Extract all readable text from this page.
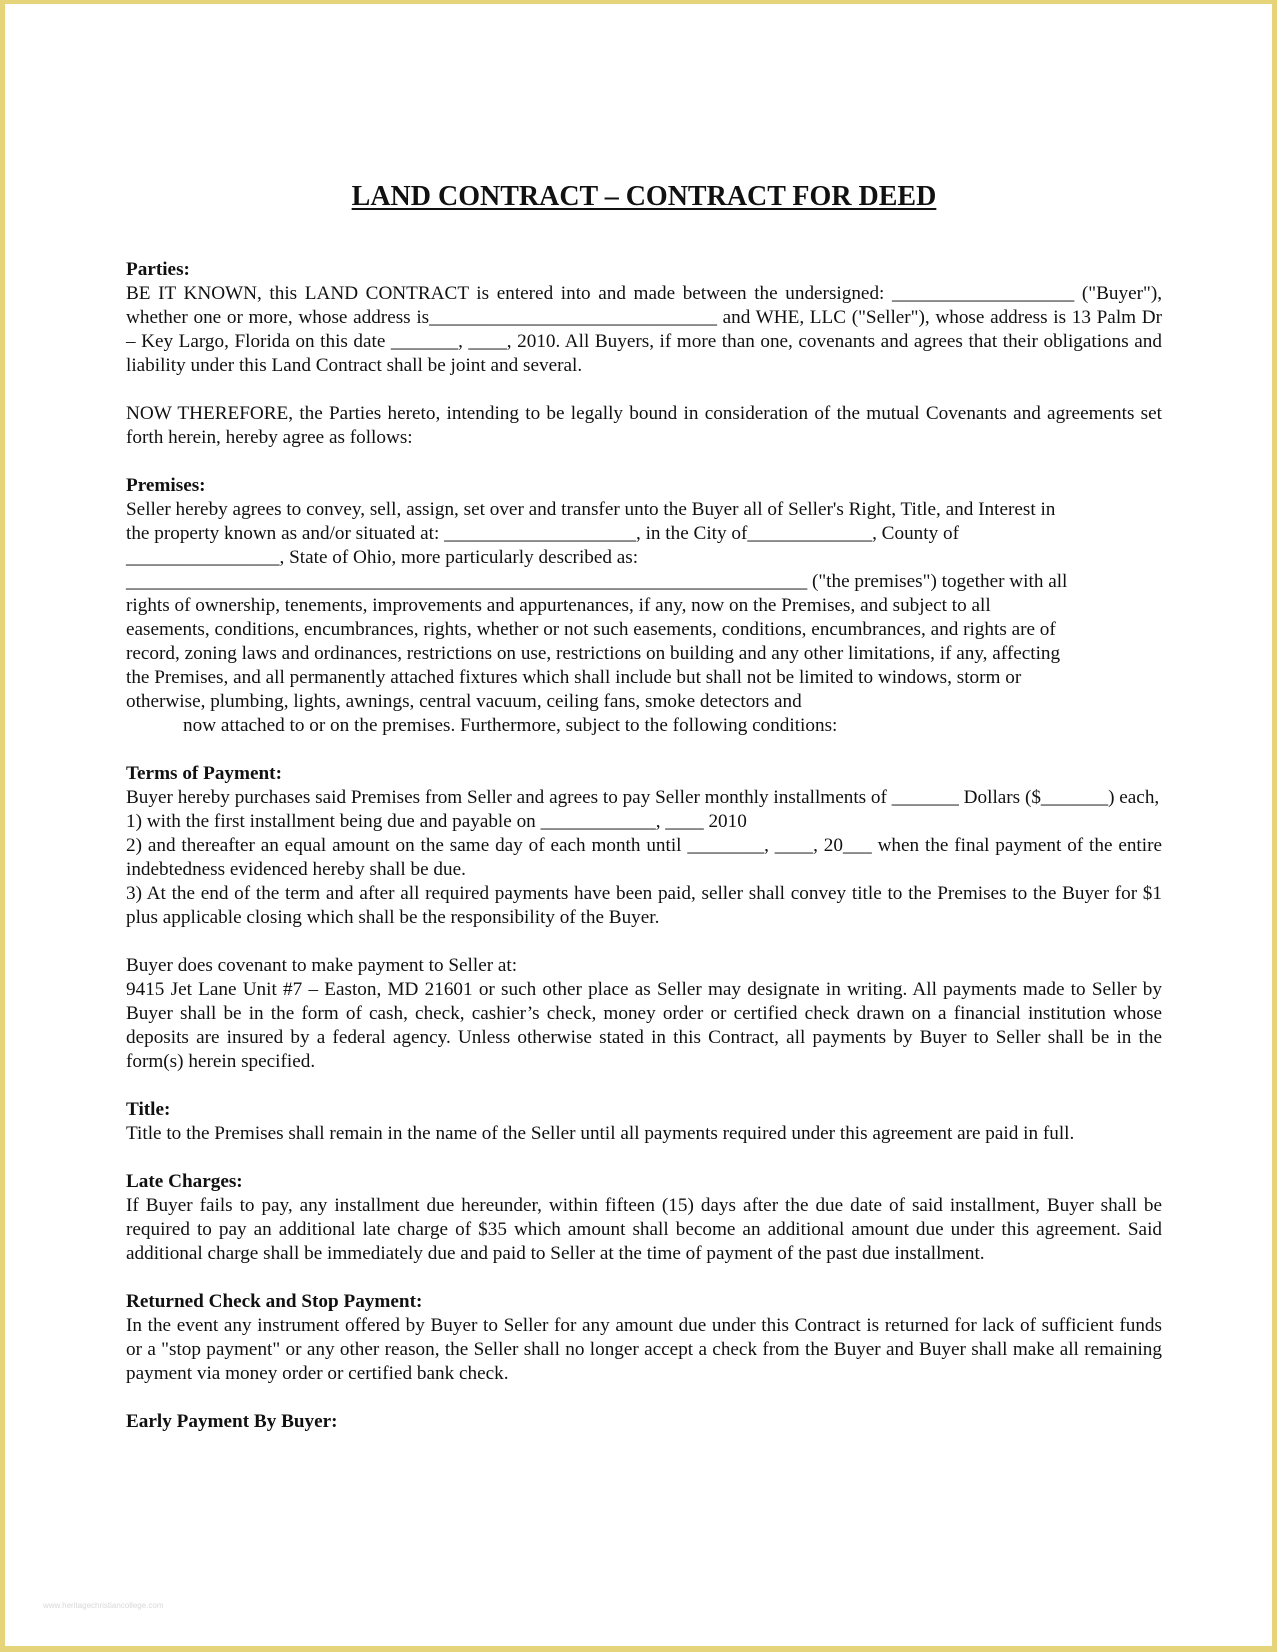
LAND CONTRACT – CONTRACT FOR DEED

Parties:

BE IT KNOWN, this LAND CONTRACT is entered into and made between the undersigned: ___________________ ("Buyer"), whether one or more, whose address is______________________________ and WHE, LLC ("Seller"), whose address is 13 Palm Dr – Key Largo, Florida on this date _______, ____, 2010. All Buyers, if more than one, covenants and agrees that their obligations and liability under this Land Contract shall be joint and several.

NOW THEREFORE, the Parties hereto, intending to be legally bound in consideration of the mutual Covenants and agreements set forth herein, hereby agree as follows:

Premises:

Seller hereby agrees to convey, sell, assign, set over and transfer unto the Buyer all of Seller's Right, Title, and Interest in
the property known as and/or situated at: ____________________, in the City of_____________, County of
________________, State of Ohio, more particularly described as:
_______________________________________________________________________ ("the premises") together with all
rights of ownership, tenements, improvements and appurtenances, if any, now on the Premises, and subject to all
easements, conditions, encumbrances, rights, whether or not such easements, conditions, encumbrances, and rights are of
record, zoning laws and ordinances, restrictions on use, restrictions on building and any other limitations, if any, affecting
the Premises, and all permanently attached fixtures which shall include but shall not be limited to windows, storm or
otherwise, plumbing, lights, awnings, central vacuum, ceiling fans, smoke detectors and

now attached to or on the premises. Furthermore, subject to the following conditions:

Terms of Payment:

Buyer hereby purchases said Premises from Seller and agrees to pay Seller monthly installments of _______ Dollars ($_______) each,

1) with the first installment being due and payable on ____________, ____ 2010

2) and thereafter an equal amount on the same day of each month until ________, ____, 20___ when the final payment of the entire indebtedness evidenced hereby shall be due.

3) At the end of the term and after all required payments have been paid, seller shall convey title to the Premises to the Buyer for $1 plus applicable closing which shall be the responsibility of the Buyer.

Buyer does covenant to make payment to Seller at:

9415 Jet Lane Unit #7 – Easton, MD 21601 or such other place as Seller may designate in writing. All payments made to Seller by Buyer shall be in the form of cash, check, cashier’s check, money order or certified check drawn on a financial institution whose deposits are insured by a federal agency. Unless otherwise stated in this Contract, all payments by Buyer to Seller shall be in the form(s) herein specified.

Title:

Title to the Premises shall remain in the name of the Seller until all payments required under this agreement are paid in full.

Late Charges:

If Buyer fails to pay, any installment due hereunder, within fifteen (15) days after the due date of said installment, Buyer shall be required to pay an additional late charge of $35 which amount shall become an additional amount due under this agreement. Said additional charge shall be immediately due and paid to Seller at the time of payment of the past due installment.

Returned Check and Stop Payment:

In the event any instrument offered by Buyer to Seller for any amount due under this Contract is returned for lack of sufficient funds or a "stop payment" or any other reason, the Seller shall no longer accept a check from the Buyer and Buyer shall make all remaining payment via money order or certified bank check.

Early Payment By Buyer:

www.heritagechristiancollege.com
